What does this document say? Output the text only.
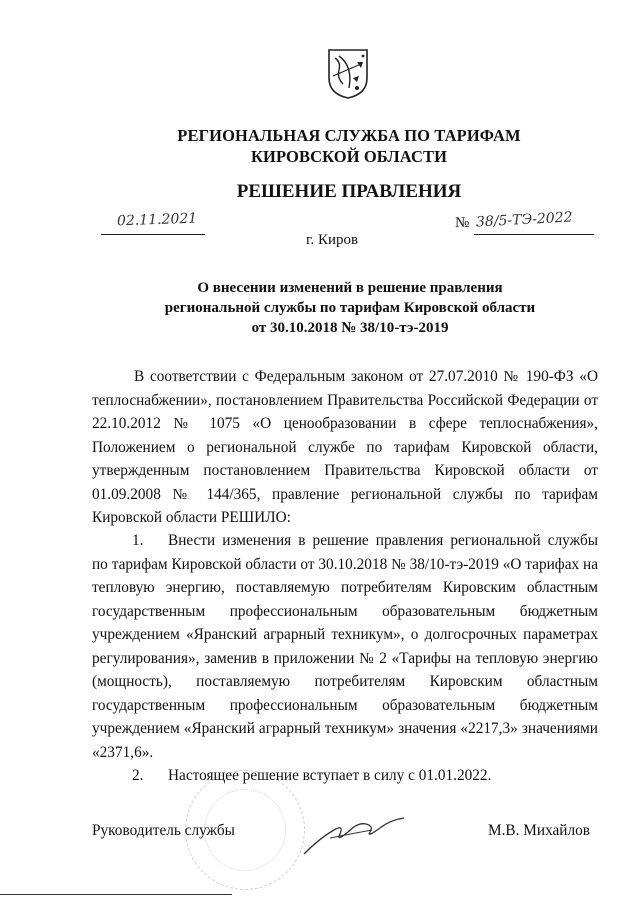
РЕГИОНАЛЬНАЯ СЛУЖБА ПО ТАРИФАМ
КИРОВСКОЙ ОБЛАСТИ
РЕШЕНИЕ ПРАВЛЕНИЯ
02.11.2021	№ 38/5-ТЭ-2022
г. Киров
О внесении изменений в решение правления
региональной службы по тарифам Кировской области
от 30.10.2018 № 38/10-тэ-2019

В соответствии с Федеральным законом от 27.07.2010 № 190-ФЗ «О теплоснабжении», постановлением Правительства Российской Федерации от 22.10.2012 № 1075 «О ценообразовании в сфере теплоснабжения», Положением о региональной службе по тарифам Кировской области, утвержденным постановлением Правительства Кировской области от 01.09.2008 № 144/365, правление региональной службы по тарифам Кировской области РЕШИЛО:

1. Внести изменения в решение правления региональной службы по тарифам Кировской области от 30.10.2018 № 38/10-тэ-2019 «О тарифах на тепловую энергию, поставляемую потребителям Кировским областным государственным профессиональным образовательным бюджетным учреждением «Яранский аграрный техникум», о долгосрочных параметрах регулирования», заменив в приложении № 2 «Тарифы на тепловую энергию (мощность), поставляемую потребителям Кировским областным государственным профессиональным образовательным бюджетным учреждением «Яранский аграрный техникум» значения «2217,3» значениями «2371,6».

2. Настоящее решение вступает в силу с 01.01.2022.

Руководитель службы	М.В. Михайлов
